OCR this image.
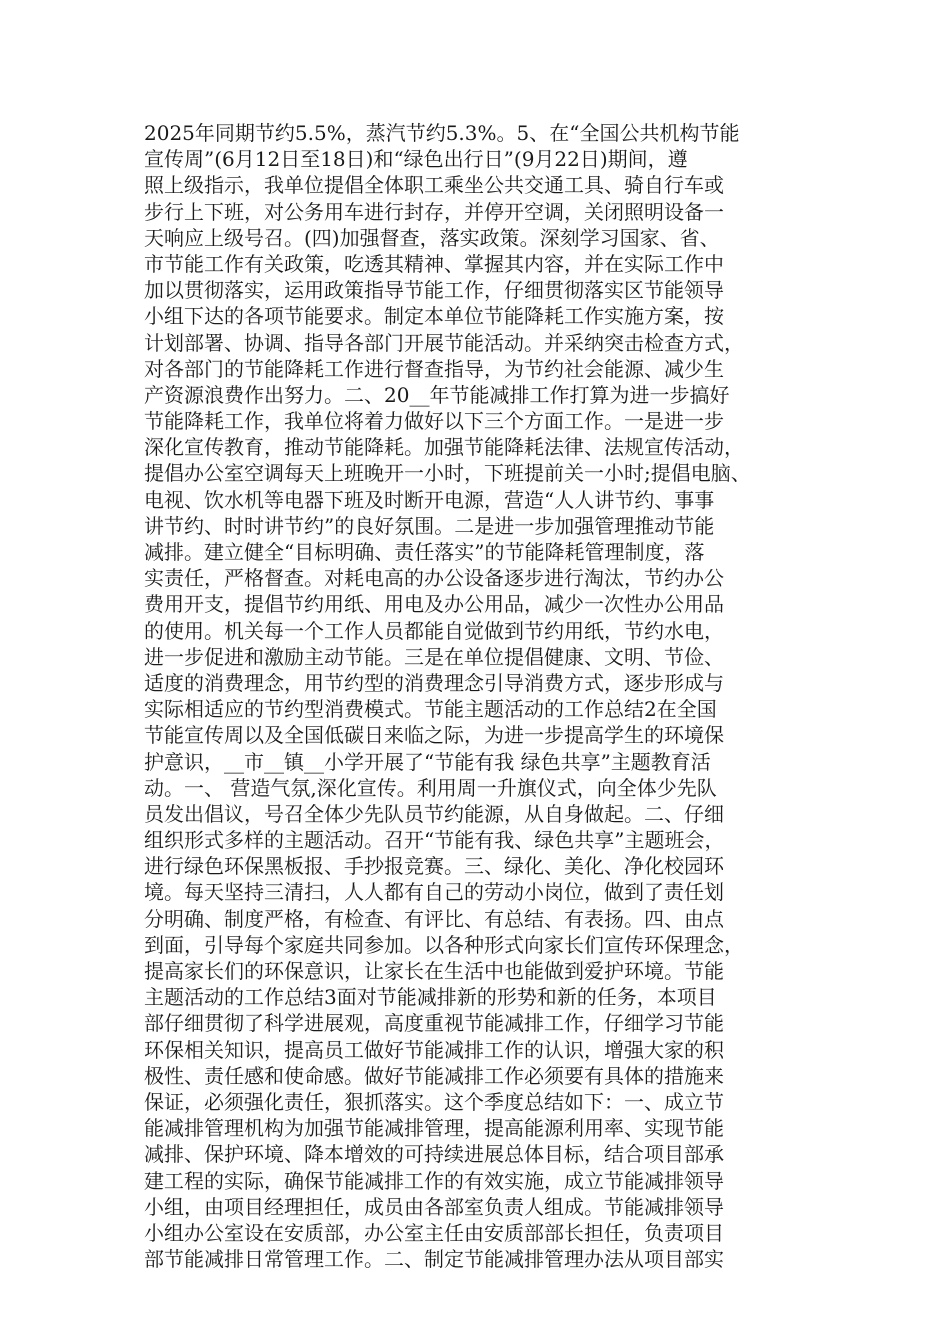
2025年同期节约5.5%，蒸汽节约5.3%。5、在“全国公共机构节能
宣传周”(6月12日至18日)和“绿色出行日”(9月22日)期间，遵
照上级指示，我单位提倡全体职工乘坐公共交通工具、骑自行车或
步行上下班，对公务用车进行封存，并停开空调，关闭照明设备一
天响应上级号召。(四)加强督查，落实政策。深刻学习国家、省、
市节能工作有关政策，吃透其精神、掌握其内容，并在实际工作中
加以贯彻落实，运用政策指导节能工作，仔细贯彻落实区节能领导
小组下达的各项节能要求。制定本单位节能降耗工作实施方案，按
计划部署、协调、指导各部门开展节能活动。并采纳突击检查方式，
对各部门的节能降耗工作进行督查指导，为节约社会能源、减少生
产资源浪费作出努力。二、20__年节能减排工作打算为进一步搞好
节能降耗工作，我单位将着力做好以下三个方面工作。一是进一步
深化宣传教育，推动节能降耗。加强节能降耗法律、法规宣传活动，
提倡办公室空调每天上班晚开一小时，下班提前关一小时;提倡电脑、
电视、饮水机等电器下班及时断开电源，营造“人人讲节约、事事
讲节约、时时讲节约”的良好氛围。二是进一步加强管理推动节能
减排。建立健全“目标明确、责任落实”的节能降耗管理制度，落
实责任，严格督查。对耗电高的办公设备逐步进行淘汰，节约办公
费用开支，提倡节约用纸、用电及办公用品，减少一次性办公用品
的使用。机关每一个工作人员都能自觉做到节约用纸，节约水电，
进一步促进和激励主动节能。三是在单位提倡健康、文明、节俭、
适度的消费理念，用节约型的消费理念引导消费方式，逐步形成与
实际相适应的节约型消费模式。节能主题活动的工作总结2在全国
节能宣传周以及全国低碳日来临之际，为进一步提高学生的环境保
护意识，__市__镇__小学开展了“节能有我 绿色共享”主题教育活
动。一、 营造气氛,深化宣传。利用周一升旗仪式，向全体少先队
员发出倡议，号召全体少先队员节约能源，从自身做起。二、仔细
组织形式多样的主题活动。召开“节能有我、绿色共享”主题班会，
进行绿色环保黑板报、手抄报竞赛。三、绿化、美化、净化校园环
境。每天坚持三清扫，人人都有自己的劳动小岗位，做到了责任划
分明确、制度严格，有检查、有评比、有总结、有表扬。四、由点
到面，引导每个家庭共同参加。以各种形式向家长们宣传环保理念，
提高家长们的环保意识，让家长在生活中也能做到爱护环境。节能
主题活动的工作总结3面对节能减排新的形势和新的任务，本项目
部仔细贯彻了科学进展观，高度重视节能减排工作，仔细学习节能
环保相关知识，提高员工做好节能减排工作的认识，增强大家的积
极性、责任感和使命感。做好节能减排工作必须要有具体的措施来
保证，必须强化责任，狠抓落实。这个季度总结如下：一、成立节
能减排管理机构为加强节能减排管理，提高能源利用率、实现节能
减排、保护环境、降本增效的可持续进展总体目标，结合项目部承
建工程的实际，确保节能减排工作的有效实施，成立节能减排领导
小组，由项目经理担任，成员由各部室负责人组成。节能减排领导
小组办公室设在安质部，办公室主任由安质部部长担任，负责项目
部节能减排日常管理工作。二、制定节能减排管理办法从项目部实
